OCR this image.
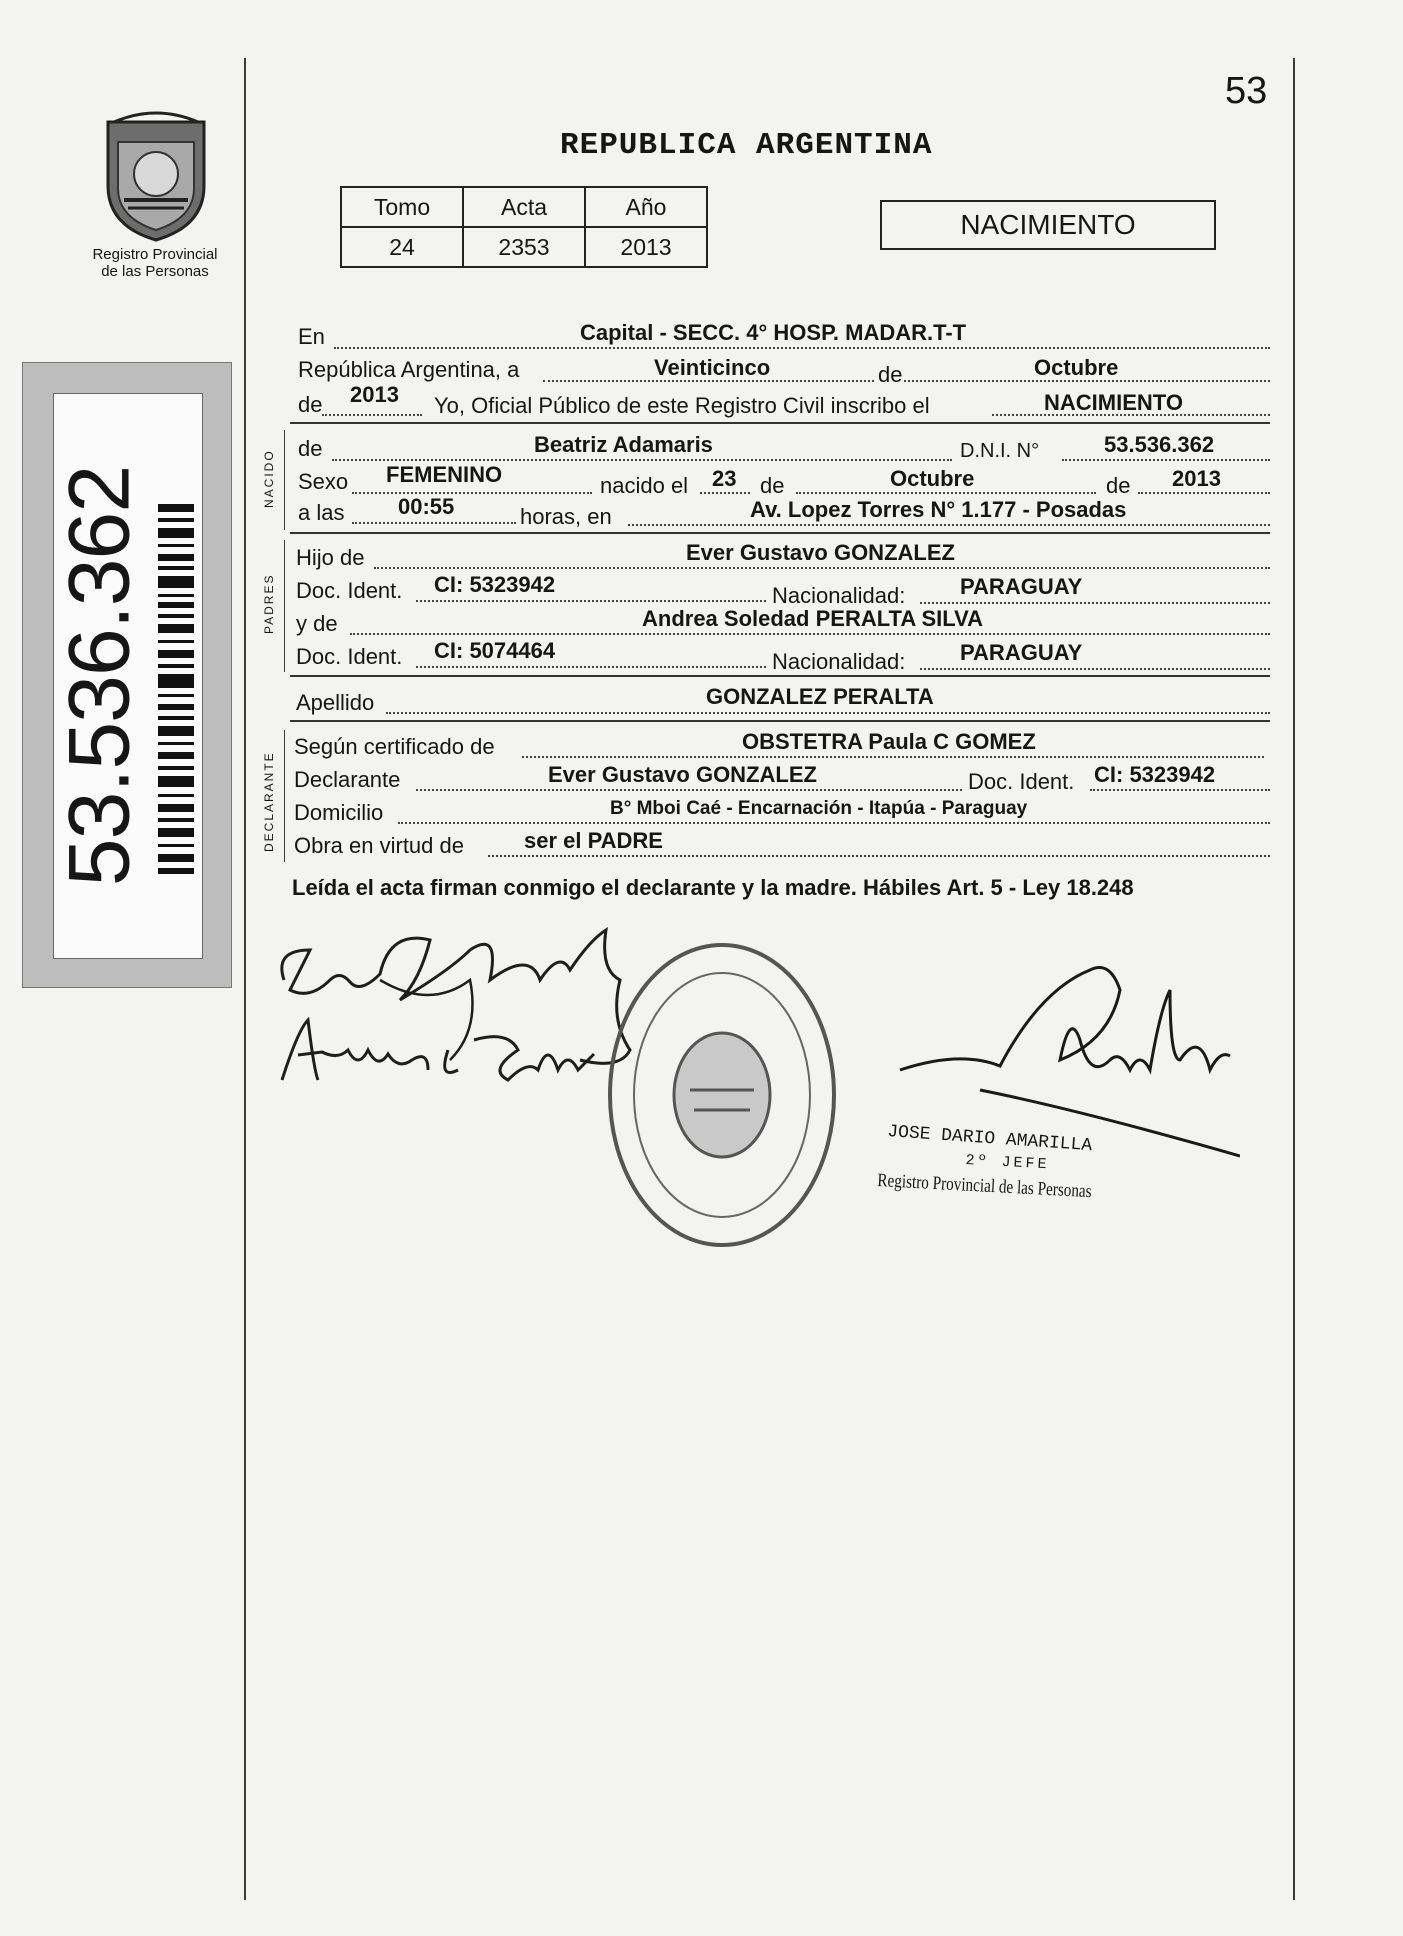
53
REPUBLICA ARGENTINA
Registro Provincial
de las Personas
53.536.362
Tomo	Acta	Año
24	2353	2013
NACIMIENTO
En	Capital - SECC. 4° HOSP. MADAR.T-T
República Argentina, a	Veinticinco	de	Octubre
de 2013 Yo, Oficial Público de este Registro Civil inscribo el	NACIMIENTO
NACIDO
de	Beatriz Adamaris	D.N.I. N°	53.536.362
Sexo FEMENINO	nacido el 23 de	Octubre	de 2013
a las 00:55	horas, en	Av. Lopez Torres N° 1.177 - Posadas
PADRES
Hijo de	Ever Gustavo GONZALEZ
Doc. Ident. CI: 5323942	Nacionalidad: PARAGUAY
y de	Andrea Soledad PERALTA SILVA
Doc. Ident. CI: 5074464	Nacionalidad: PARAGUAY
Apellido	GONZALEZ PERALTA
DECLARANTE
Según certificado de	OBSTETRA Paula C GOMEZ
Declarante	Ever Gustavo GONZALEZ	Doc. Ident. CI: 5323942
Domicilio	B° Mboi Caé - Encarnación - Itapúa - Paraguay
Obra en virtud de	ser el PADRE
Leída el acta firman conmigo el declarante y la madre. Hábiles Art. 5 - Ley 18.248
JOSE DARIO AMARILLA
2º JEFE
Registro Provincial de las Personas
